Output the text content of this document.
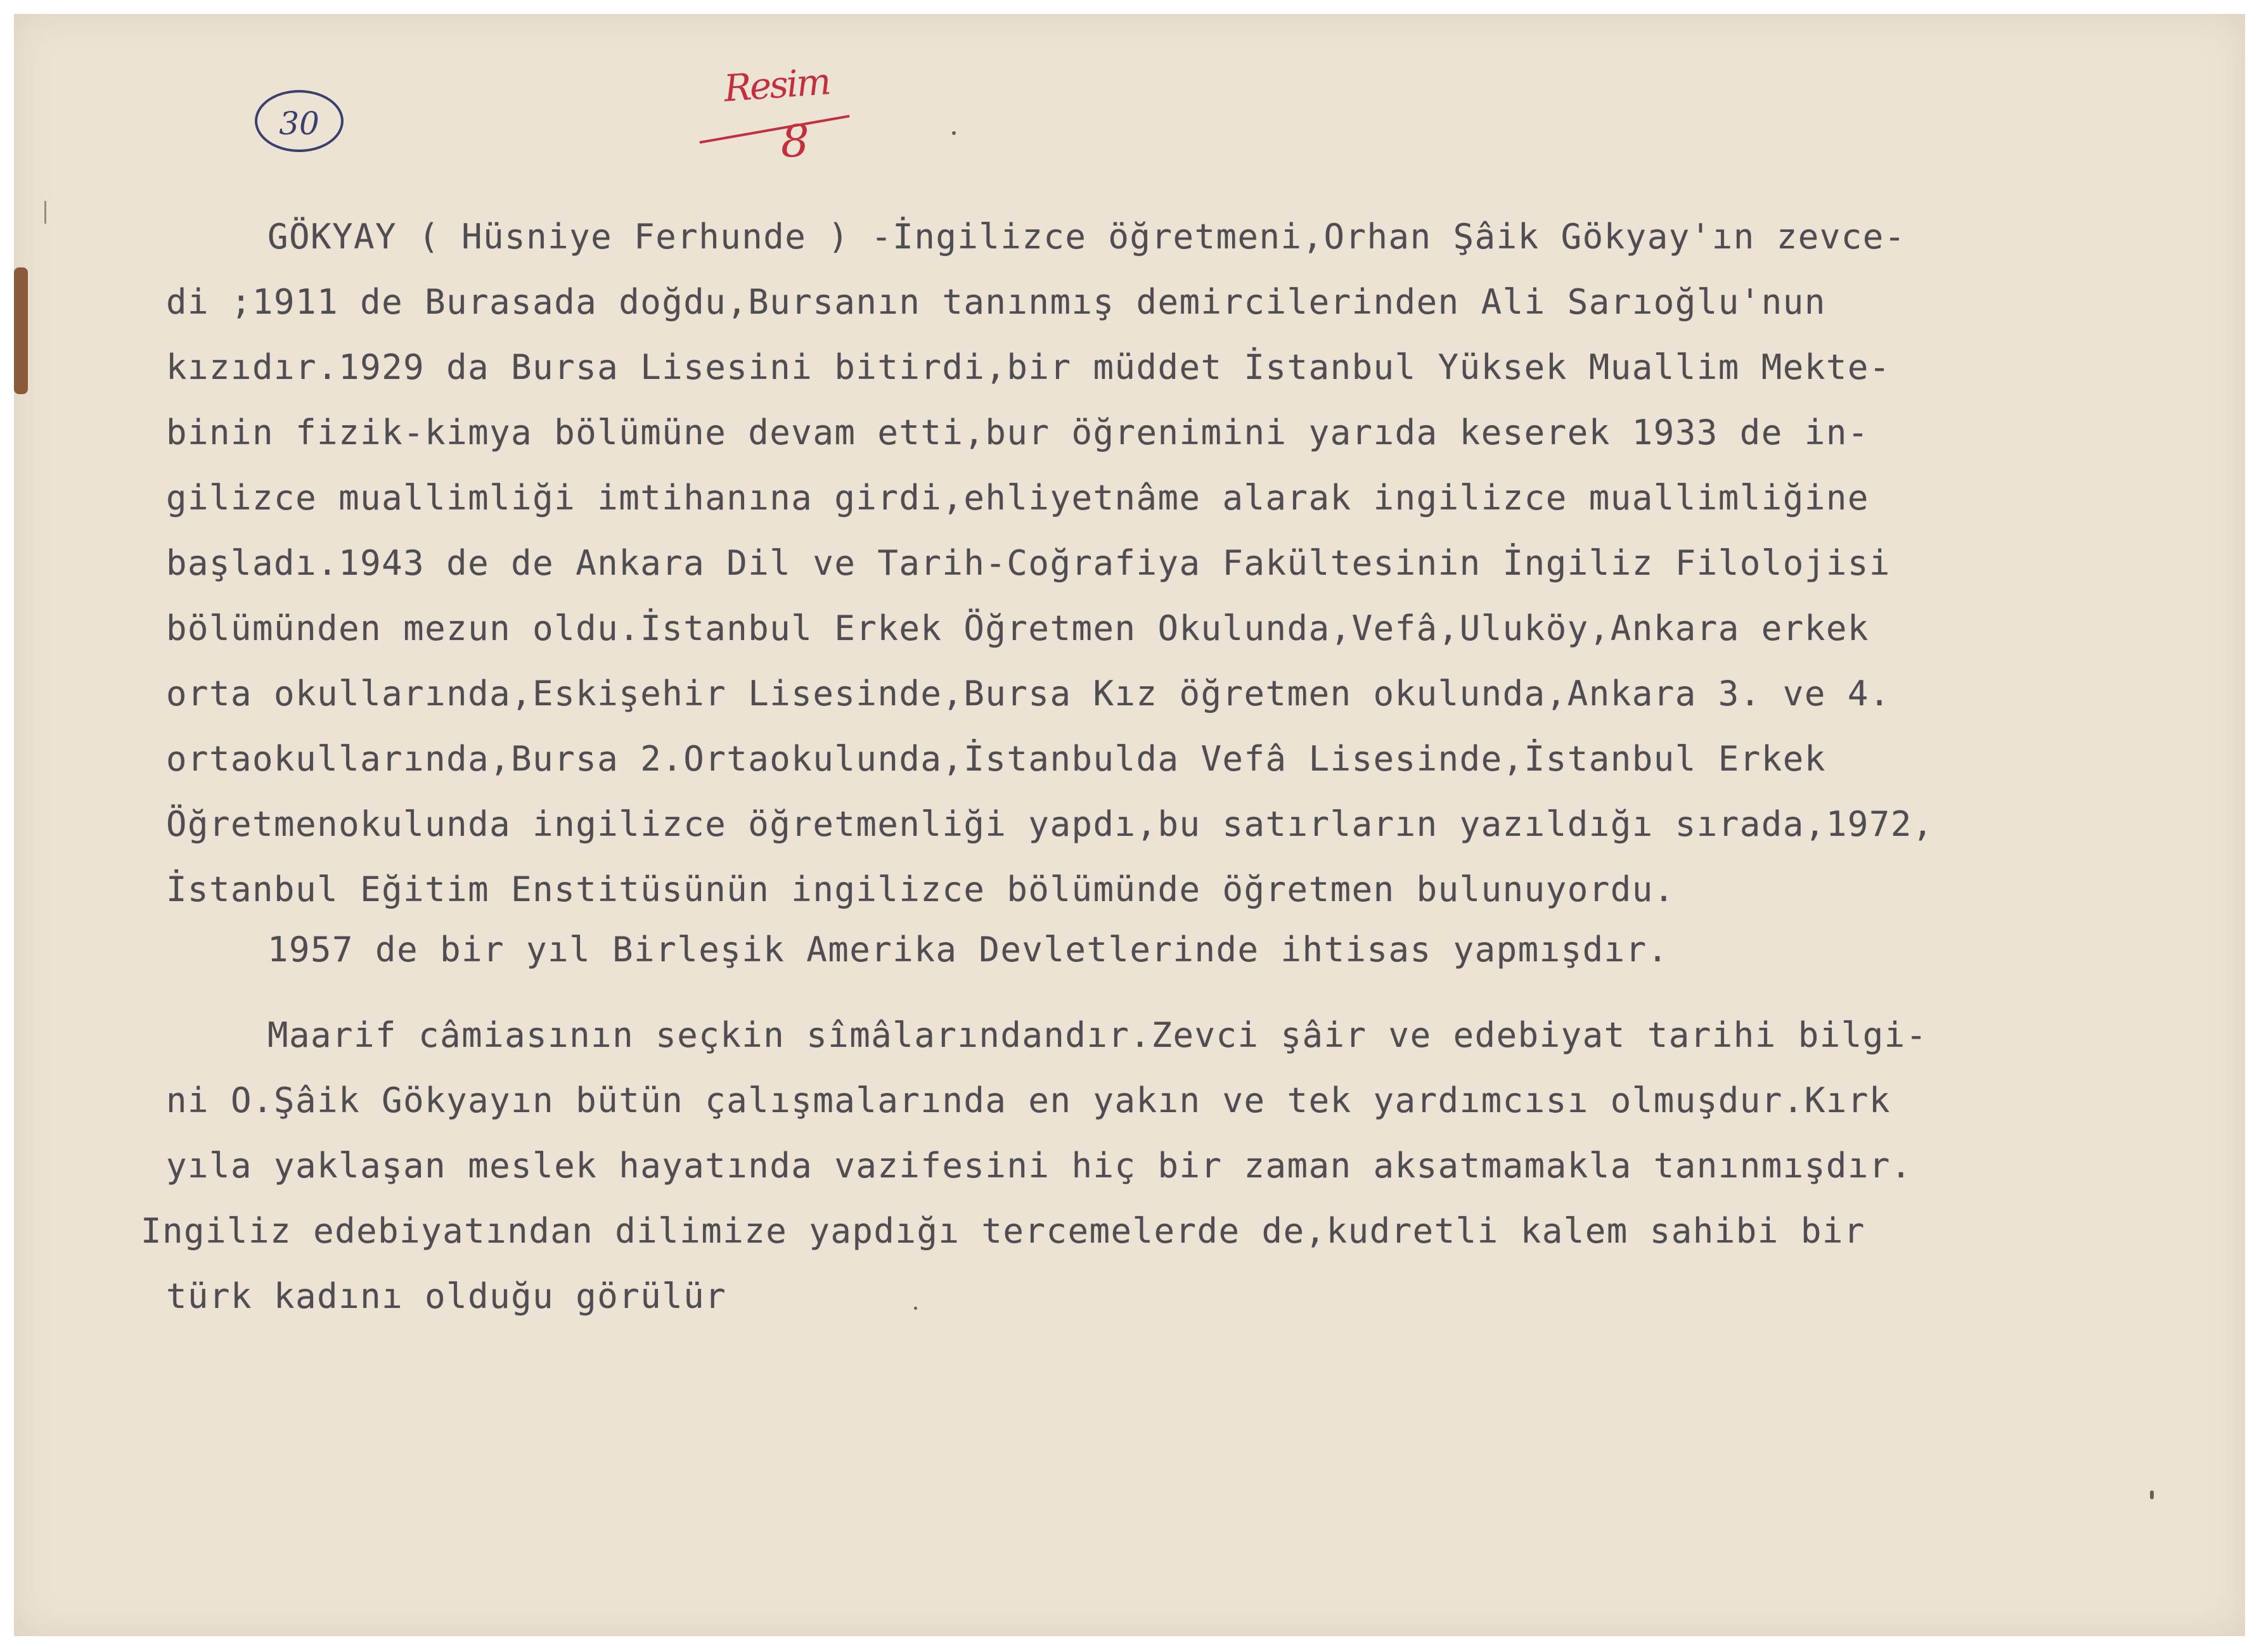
30
Resim
8
GÖKYAY ( Hüsniye Ferhunde ) -İngilizce öğretmeni,Orhan Şâik Gökyay'ın zevce-
di ;1911 de Burasada doğdu,Bursanın tanınmış demircilerinden Ali Sarıoğlu'nun
kızıdır.1929 da Bursa Lisesini bitirdi,bir müddet İstanbul Yüksek Muallim Mekte-
binin fizik-kimya bölümüne devam etti,bur öğrenimini yarıda keserek 1933 de in-
gilizce muallimliği imtihanına girdi,ehliyetnâme alarak ingilizce muallimliğine
başladı.1943 de de Ankara Dil ve Tarih-Coğrafiya Fakültesinin İngiliz Filolojisi
bölümünden mezun oldu.İstanbul Erkek Öğretmen Okulunda,Vefâ,Uluköy,Ankara erkek
orta okullarında,Eskişehir Lisesinde,Bursa Kız öğretmen okulunda,Ankara 3. ve 4.
ortaokullarında,Bursa 2.Ortaokulunda,İstanbulda Vefâ Lisesinde,İstanbul Erkek
Öğretmenokulunda ingilizce öğretmenliği yapdı,bu satırların yazıldığı sırada,1972,
İstanbul Eğitim Enstitüsünün ingilizce bölümünde öğretmen bulunuyordu.
1957 de bir yıl Birleşik Amerika Devletlerinde ihtisas yapmışdır.
Maarif câmiasının seçkin sîmâlarındandır.Zevci şâir ve edebiyat tarihi bilgi-
ni O.Şâik Gökyayın bütün çalışmalarında en yakın ve tek yardımcısı olmuşdur.Kırk
yıla yaklaşan meslek hayatında vazifesini hiç bir zaman aksatmamakla tanınmışdır.
Ingiliz edebiyatından dilimize yapdığı tercemelerde de,kudretli kalem sahibi bir
türk kadını olduğu görülür
